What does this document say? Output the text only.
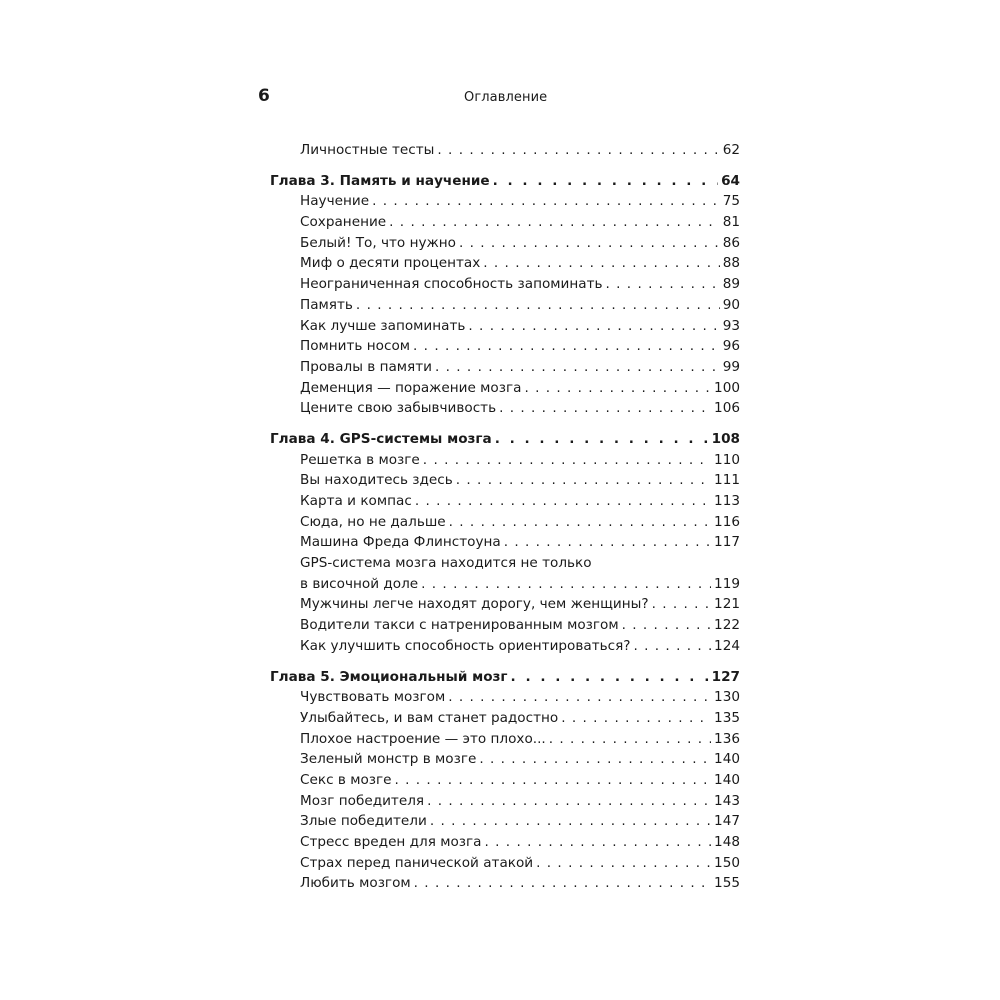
6	Оглавление
Личностные тесты . . .	62
Глава 3. Память и научение . . .	64
Научение . . .	75
Сохранение . . .	81
Белый! То, что нужно . . .	86
Миф о десяти процентах . . .	88
Неограниченная способность запоминать . . .	89
Память . . .	90
Как лучше запоминать . . .	93
Помнить носом . . .	96
Провалы в памяти . . .	99
Деменция — поражение мозга . . .	100
Цените свою забывчивость . . .	106
Глава 4. GPS-системы мозга . . .	108
Решетка в мозге . . .	110
Вы находитесь здесь . . .	111
Карта и компас . . .	113
Сюда, но не дальше . . .	116
Машина Фреда Флинстоуна . . .	117
GPS-система мозга находится не только
в височной доле . . .	119
Мужчины легче находят дорогу, чем женщины? . . .	121
Водители такси с натренированным мозгом . . .	122
Как улучшить способность ориентироваться? . . .	124
Глава 5. Эмоциональный мозг . . .	127
Чувствовать мозгом . . .	130
Улыбайтесь, и вам станет радостно . . .	135
Плохое настроение — это плохо... . . .	136
Зеленый монстр в мозге . . .	140
Секс в мозге . . .	140
Мозг победителя . . .	143
Злые победители . . .	147
Стресс вреден для мозга . . .	148
Страх перед панической атакой . . .	150
Любить мозгом . . .	155
